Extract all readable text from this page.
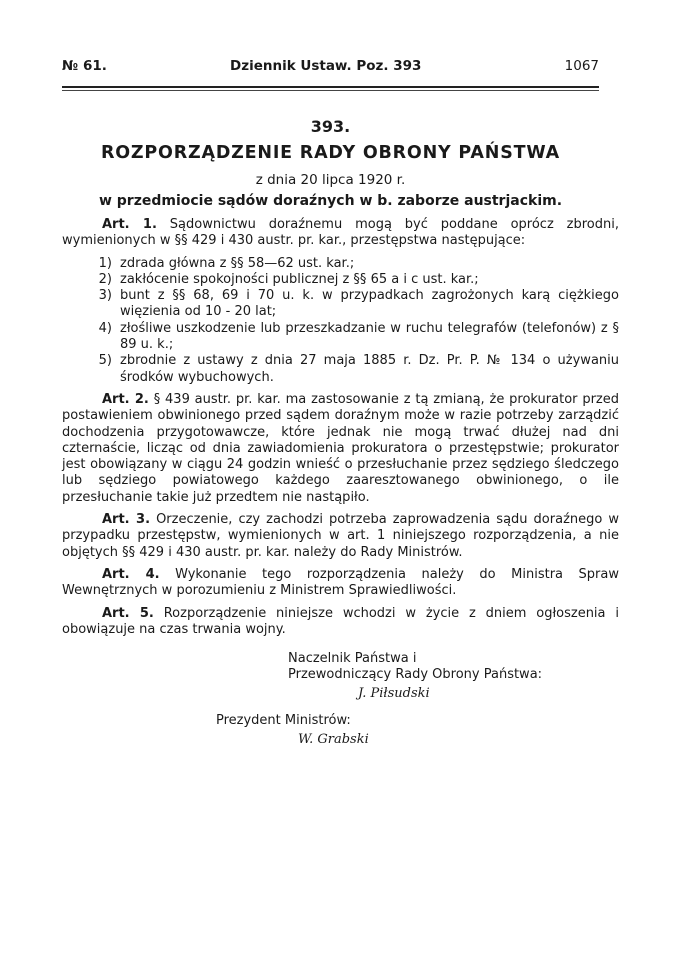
№ 61.	Dziennik Ustaw. Poz. 393	1067
393.
ROZPORZĄDZENIE RADY OBRONY PAŃSTWA
z dnia 20 lipca 1920 r.
w przedmiocie sądów doraźnych w b. zaborze austrjackim.

Art. 1. Sądownictwu doraźnemu mogą być poddane oprócz zbrodni, wymienionych w §§ 429 i 430 austr. pr. kar., przestępstwa następujące:

1) zdrada główna z §§ 58—62 ust. kar.;
2) zakłócenie spokojności publicznej z §§ 65 a i c ust. kar.;
3) bunt z §§ 68, 69 i 70 u. k. w przypadkach zagrożonych karą ciężkiego więzienia od 10 - 20 lat;
4) złośliwe uszkodzenie lub przeszkadzanie w ruchu telegrafów (telefonów) z § 89 u. k.;
5) zbrodnie z ustawy z dnia 27 maja 1885 r. Dz. Pr. P. № 134 o używaniu środków wybuchowych.

Art. 2. § 439 austr. pr. kar. ma zastosowanie z tą zmianą, że prokurator przed postawieniem obwinionego przed sądem doraźnym może w razie potrzeby zarządzić dochodzenia przygotowawcze, które jednak nie mogą trwać dłużej nad dni czternaście, licząc od dnia zawiadomienia prokuratora o przestępstwie; prokurator jest obowiązany w ciągu 24 godzin wnieść o przesłuchanie przez sędziego śledczego lub sędziego powiatowego każdego zaaresztowanego obwinionego, o ile przesłuchanie takie już przedtem nie nastąpiło.

Art. 3. Orzeczenie, czy zachodzi potrzeba zaprowadzenia sądu doraźnego w przypadku przestępstw, wymienionych w art. 1 niniejszego rozporządzenia, a nie objętych §§ 429 i 430 austr. pr. kar. należy do Rady Ministrów.

Art. 4. Wykonanie tego rozporządzenia należy do Ministra Spraw Wewnętrznych w porozumieniu z Ministrem Sprawiedliwości.

Art. 5. Rozporządzenie niniejsze wchodzi w życie z dniem ogłoszenia i obowiązuje na czas trwania wojny.

Naczelnik Państwa i
Przewodniczący Rady Obrony Państwa:
J. Piłsudski
Prezydent Ministrów:
W. Grabski
